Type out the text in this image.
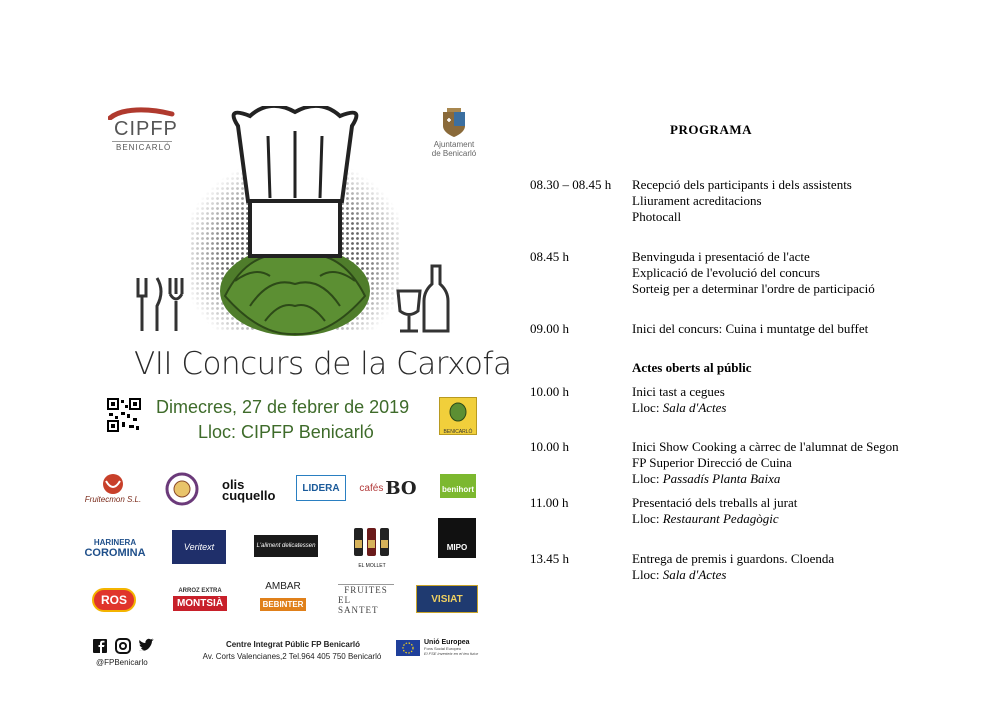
CIPFP
BENICARLÓ	Ajuntament
de Benicarló
VII Concurs de la Carxofa
Dimecres, 27 de febrer de 2019
Lloc: CIPFP Benicarló	BENICARLÓ
Fruitecmon S.L.
olis cuquello	LIDERA	cafés BO	benihort
HARINERA
COROMINA	Veritext	L'aliment delicatessen
EL MOLLET
MIPO
ROS
ARROZ EXTRA
MONTSIÀ
AMBAR
BEBINTER
FRUITES
EL SANTET
VISIAT
@FPBenicarlo
Centre Integrat Públic FP Benicarló
Av. Corts Valencianes,2 Tel.964 405 750 Benicarló
Unió Europea
Fons Social Europeu
El FSE inverteix en el teu futur
PROGRAMA
08.30 – 08.45 h Recepció dels participants i dels assistents
Lliurament acreditacions
Photocall
08.45 h	Benvinguda i presentació de l'acte
Explicació de l'evolució del concurs
Sorteig per a determinar l'ordre de participació
09.00 h	Inici del concurs: Cuina i muntatge del buffet
Actes oberts al públic
10.00 h	Inici tast a cegues
Lloc: Sala d'Actes
10.00 h	Inici Show Cooking a càrrec de l'alumnat de Segon
FP Superior Direcció de Cuina
Lloc: Passadís Planta Baixa
11.00 h	Presentació dels treballs al jurat
Lloc: Restaurant Pedagògic
13.45 h	Entrega de premis i guardons. Cloenda
Lloc: Sala d'Actes
